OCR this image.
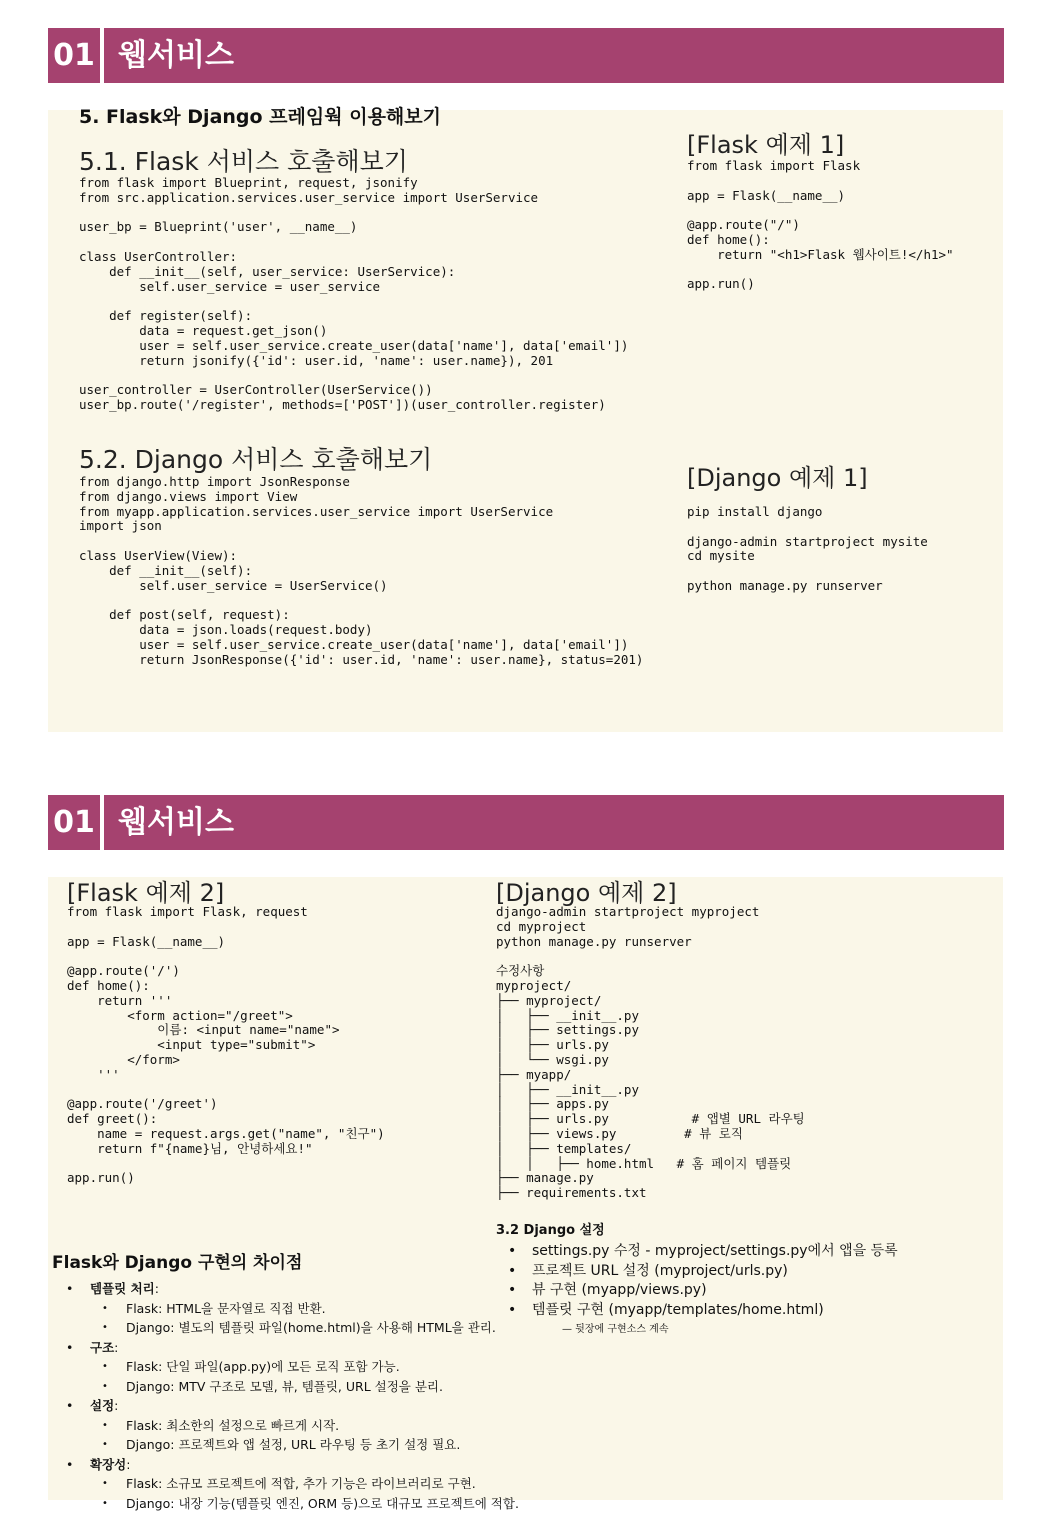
01 웹서비스
5. Flask와 Django 프레임웍 이용해보기
5.1. Flask 서비스 호출해보기
from flask import Blueprint, request, jsonify
from src.application.services.user_service import UserService

user_bp = Blueprint('user', __name__)

class UserController:
def __init__(self, user_service: UserService):
self.user_service = user_service

def register(self):
data = request.get_json()
user = self.user_service.create_user(data['name'], data['email'])
return jsonify({'id': user.id, 'name': user.name}), 201

user_controller = UserController(UserService())
user_bp.route('/register', methods=['POST'])(user_controller.register)
5.2. Django 서비스 호출해보기
from django.http import JsonResponse
from django.views import View
from myapp.application.services.user_service import UserService
import json

class UserView(View):
def __init__(self):
self.user_service = UserService()

def post(self, request):
data = json.loads(request.body)
user = self.user_service.create_user(data['name'], data['email'])
return JsonResponse({'id': user.id, 'name': user.name}, status=201)
[Flask 예제 1]
from flask import Flask

app = Flask(__name__)

@app.route("/")
def home():
return "<h1>Flask 웹사이트!</h1>"

app.run()
[Django 예제 1]
pip install django

django-admin startproject mysite
cd mysite

python manage.py runserver
01 웹서비스
[Flask 예제 2]
from flask import Flask, request

app = Flask(__name__)

@app.route('/')
def home():
return '''
<form action="/greet">
이름: <input name="name">
<input type="submit">
</form>
'''

@app.route('/greet')
def greet():
name = request.args.get("name", "친구")
return f"{name}님, 안녕하세요!"

app.run()
[Django 예제 2]
django-admin startproject myproject
cd myproject
python manage.py runserver

수정사항
myproject/
├── myproject/
│   ├── __init__.py
│   ├── settings.py
│   ├── urls.py
│   └── wsgi.py
├── myapp/
│   ├── __init__.py
│   ├── apps.py
│   ├── urls.py           # 앱별 URL 라우팅
│   ├── views.py         # 뷰 로직
│   ├── templates/
│   │   ├── home.html   # 홈 페이지 템플릿
├── manage.py
├── requirements.txt
3.2 Django 설정
• settings.py 수정 - myproject/settings.py에서 앱을 등록
• 프로젝트 URL 설정 (myproject/urls.py)
• 뷰 구현 (myapp/views.py)
• 템플릿 구현 (myapp/templates/home.html)
— 뒷장에 구현소스 계속
Flask와 Django 구현의 차이점
• 템플릿 처리:
• Flask: HTML을 문자열로 직접 반환.
• Django: 별도의 템플릿 파일(home.html)을 사용해 HTML을 관리.
• 구조:
• Flask: 단일 파일(app.py)에 모든 로직 포함 가능.
• Django: MTV 구조로 모델, 뷰, 템플릿, URL 설정을 분리.
• 설정:
• Flask: 최소한의 설정으로 빠르게 시작.
• Django: 프로젝트와 앱 설정, URL 라우팅 등 초기 설정 필요.
• 확장성:
• Flask: 소규모 프로젝트에 적합, 추가 기능은 라이브러리로 구현.
• Django: 내장 기능(템플릿 엔진, ORM 등)으로 대규모 프로젝트에 적합.
